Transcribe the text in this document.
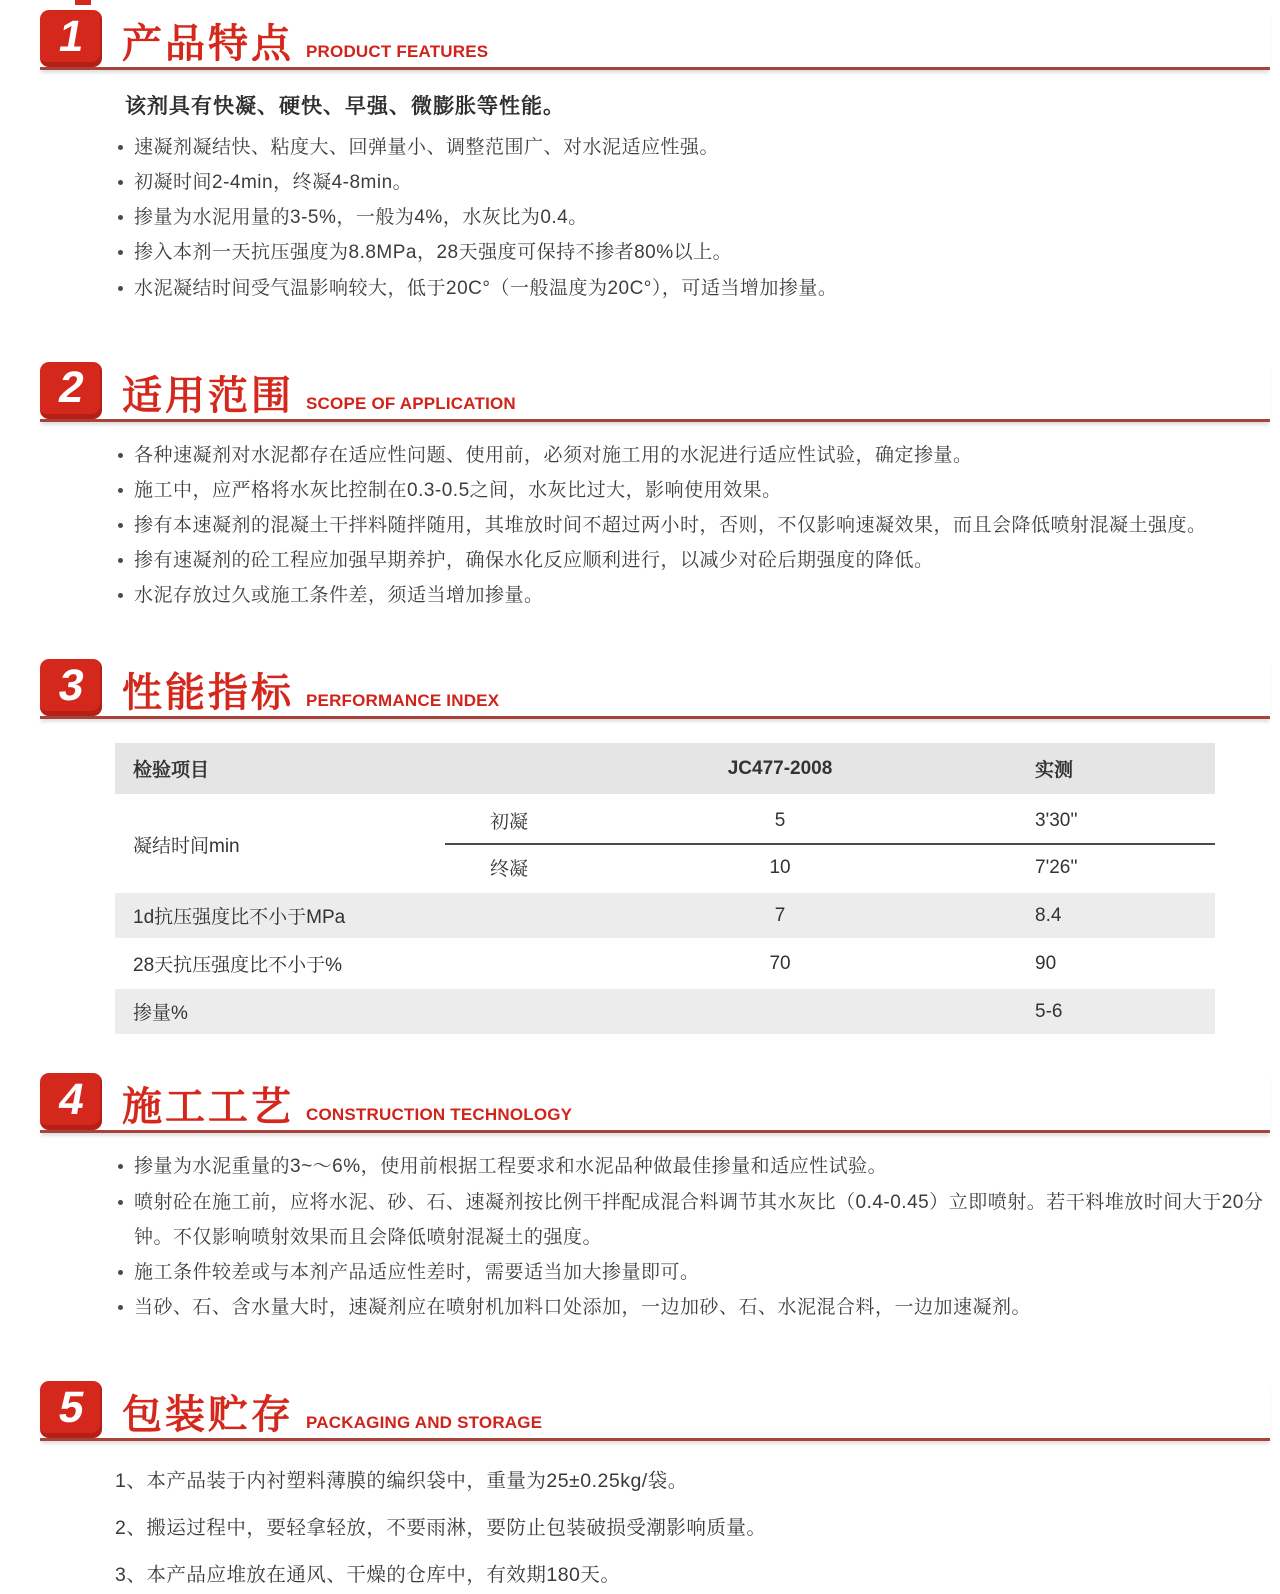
1 产品特点 PRODUCT FEATURES

该剂具有快凝、硬快、早强、微膨胀等性能。

速凝剂凝结快、粘度大、回弹量小、调整范围广、对水泥适应性强。
初凝时间2-4min，终凝4-8min。
掺量为水泥用量的3-5%，一般为4%，水灰比为0.4。
掺入本剂一天抗压强度为8.8MPa，28天强度可保持不掺者80%以上。
水泥凝结时间受气温影响较大，低于20C°（一般温度为20C°），可适当增加掺量。
2 适用范围 SCOPE OF APPLICATION
各种速凝剂对水泥都存在适应性问题、使用前，必须对施工用的水泥进行适应性试验，确定掺量。
施工中，应严格将水灰比控制在0.3-0.5之间，水灰比过大，影响使用效果。
掺有本速凝剂的混凝土干拌料随拌随用，其堆放时间不超过两小时，否则，不仅影响速凝效果，而且会降低喷射混凝土强度。
掺有速凝剂的砼工程应加强早期养护，确保水化反应顺利进行，以减少对砼后期强度的降低。
水泥存放过久或施工条件差，须适当增加掺量。
3 性能指标 PERFORMANCE INDEX
检验项目		JC477-2008	实测
凝结时间min	初凝	5	3'30''
	终凝	10	7'26''
1d抗压强度比不小于MPa		7	8.4
28天抗压强度比不小于%		70	90
掺量%			5-6
4 施工工艺 CONSTRUCTION TECHNOLOGY
掺量为水泥重量的3~～6%，使用前根据工程要求和水泥品种做最佳掺量和适应性试验。
喷射砼在施工前，应将水泥、砂、石、速凝剂按比例干拌配成混合料调节其水灰比（0.4-0.45）立即喷射。若干料堆放时间大于20分钟。不仅影响喷射效果而且会降低喷射混凝土的强度。
施工条件较差或与本剂产品适应性差时，需要适当加大掺量即可。
当砂、石、含水量大时，速凝剂应在喷射机加料口处添加，一边加砂、石、水泥混合料，一边加速凝剂。
5 包装贮存 PACKAGING AND STORAGE

1、本产品装于内衬塑料薄膜的编织袋中，重量为25±0.25kg/袋。

2、搬运过程中，要轻拿轻放，不要雨淋，要防止包装破损受潮影响质量。

3、本产品应堆放在通风、干燥的仓库中，有效期180天。
